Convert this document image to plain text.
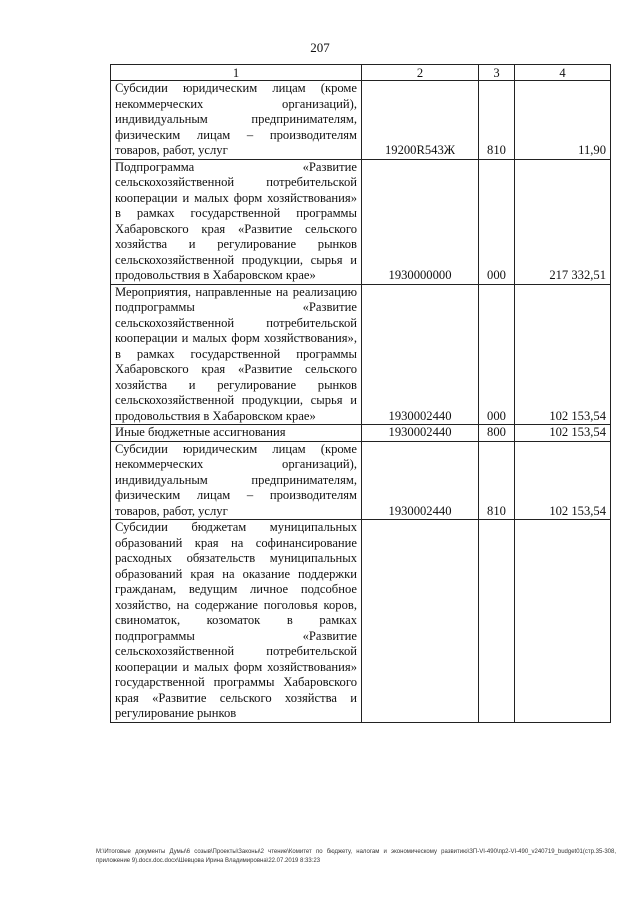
207
1	2	3	4
Субсидии юридическим лицам (кроме некоммерческих организаций), индивидуальным предпринимателям, физическим лицам – производителям товаров, работ, услуг	19200R543Ж	810	11,90
Подпрограмма «Развитие сельскохозяйственной потребительской кооперации и малых форм хозяйствования» в рамках государственной программы Хабаровского края «Развитие сельского хозяйства и регулирование рынков сельскохозяйственной продукции, сырья и продовольствия в Хабаровском крае»	1930000000	000	217 332,51
Мероприятия, направленные на реализацию подпрограммы «Развитие сельскохозяйственной потребительской кооперации и малых форм хозяйствования», в рамках государственной программы Хабаровского края «Развитие сельского хозяйства и регулирование рынков сельскохозяйственной продукции, сырья и продовольствия в Хабаровском крае»	1930002440	000	102 153,54
Иные бюджетные ассигнования	1930002440	800	102 153,54
Субсидии юридическим лицам (кроме некоммерческих организаций), индивидуальным предпринимателям, физическим лицам – производителям товаров, работ, услуг	1930002440	810	102 153,54
Субсидии бюджетам муниципальных образований края на софинансирование расходных обязательств муниципальных образований края на оказание поддержки гражданам, ведущим личное подсобное хозяйство, на содержание поголовья коров, свиноматок, козоматок в рамках подпрограммы «Развитие сельскохозяйственной потребительской кооперации и малых форм хозяйствования» государственной программы Хабаровского края «Развитие сельского хозяйства и регулирование рынков			
M:\Итоговые документы Думы\6 созыв\Проекты\Законы\2 чтение\Комитет по бюджету, налогам и экономическому развитию\ЗП-VI-490\пр2-VI-490_v240719_budget01(стр.35-308, приложение 9).docx.doc.docx\Шевцова Ирина Владимировна\22.07.2019 8:33:23
